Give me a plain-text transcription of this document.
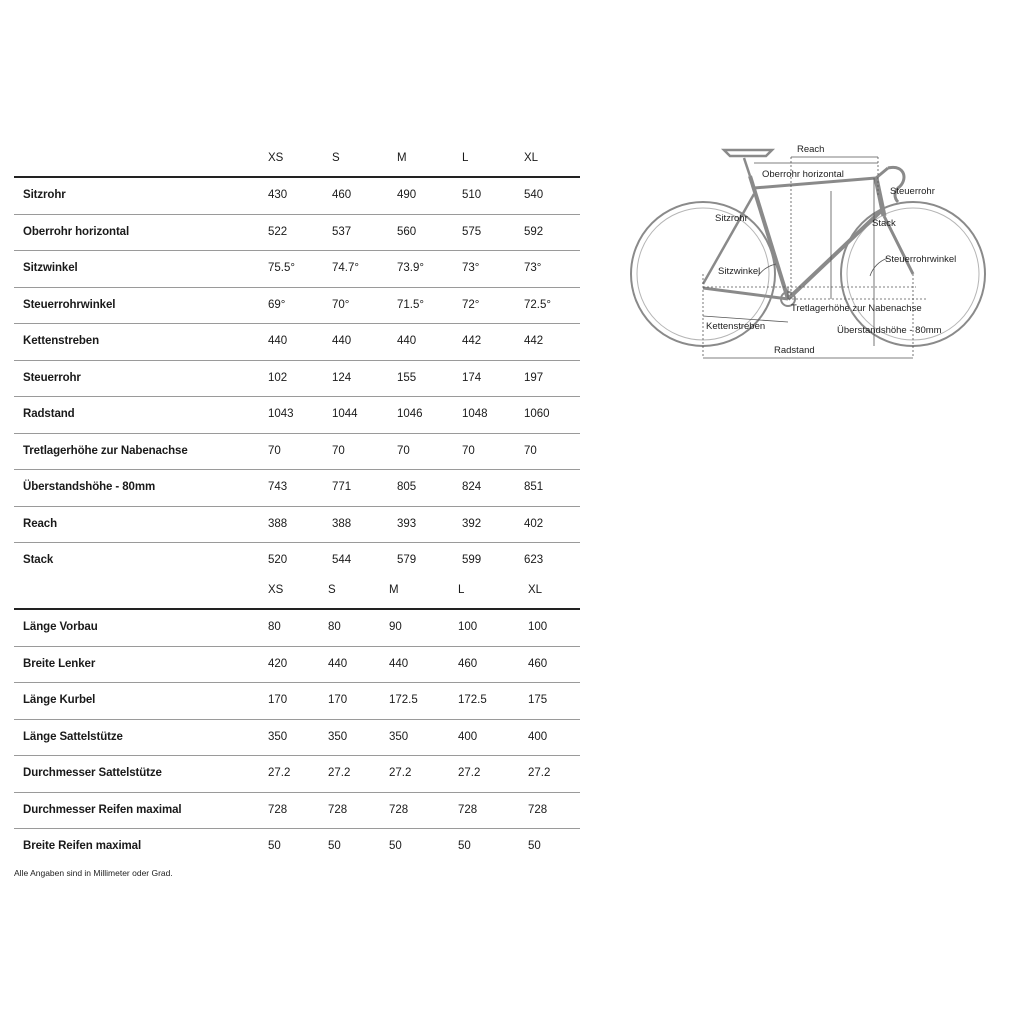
XS	S	M	L	XL
Sitzrohr	430	460	490	510	540
Oberrohr horizontal	522	537	560	575	592
Sitzwinkel	75.5°	74.7°	73.9°	73°	73°
Steuerrohrwinkel	69°	70°	71.5°	72°	72.5°
Kettenstreben	440	440	440	442	442
Steuerrohr	102	124	155	174	197
Radstand	1043	1044	1046	1048	1060
Tretlagerhöhe zur Nabenachse	70	70	70	70	70
Überstandshöhe - 80mm	743	771	805	824	851
Reach	388	388	393	392	402
Stack	520	544	579	599	623
XS	S	M	L	XL
Länge Vorbau	80	80	90	100	100
Breite Lenker	420	440	440	460	460
Länge Kurbel	170	170	172.5	172.5	175
Länge Sattelstütze	350	350	350	400	400
Durchmesser Sattelstütze	27.2	27.2	27.2	27.2	27.2
Durchmesser Reifen maximal	728	728	728	728	728
Breite Reifen maximal	50	50	50	50	50
Alle Angaben sind in Millimeter oder Grad.
Reach
Oberrohr horizontal
Steuerrohr
Sitzrohr	Stack
Steuerrohrwinkel
Sitzwinkel
Tretlagerhöhe zur Nabenachse
Kettenstreben	Überstandshöhe - 80mm
Radstand
